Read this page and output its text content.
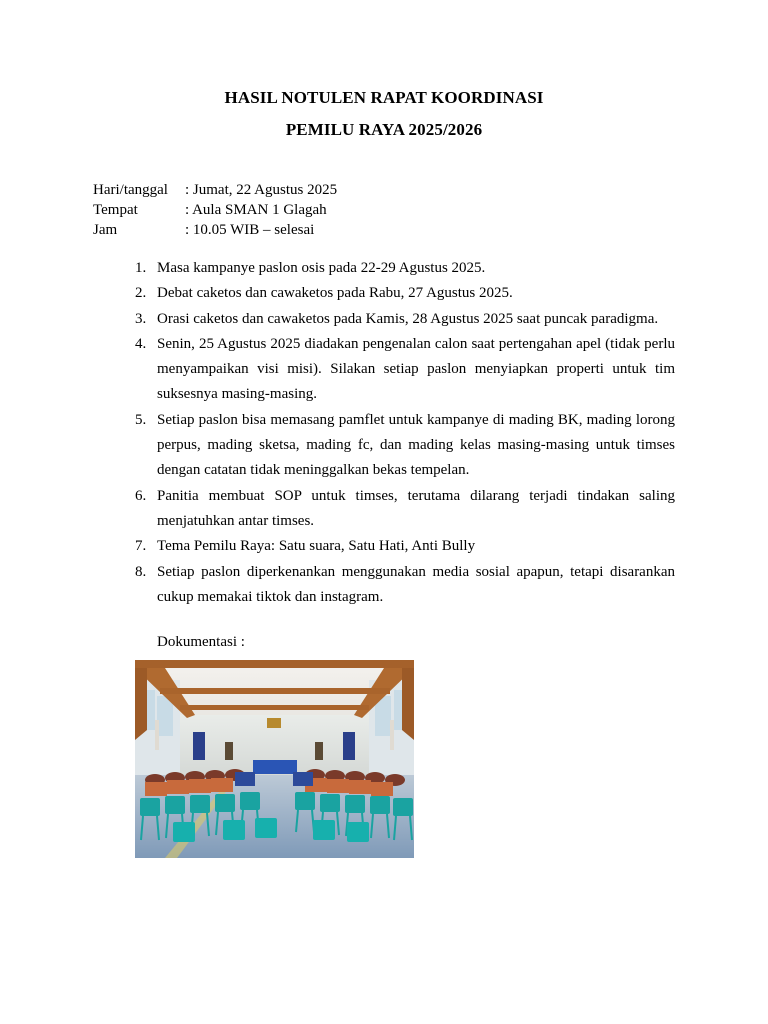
HASIL NOTULEN RAPAT KOORDINASI
PEMILU RAYA 2025/2026
Hari/tanggal	: Jumat, 22 Agustus 2025
Tempat	: Aula SMAN 1 Glagah
Jam	: 10.05 WIB – selesai
1. Masa kampanye paslon osis pada 22-29 Agustus 2025.
2. Debat caketos dan cawaketos pada Rabu, 27 Agustus 2025.
3. Orasi caketos dan cawaketos pada Kamis, 28 Agustus 2025 saat puncak paradigma.
4. Senin, 25 Agustus 2025 diadakan pengenalan calon saat pertengahan apel (tidak perlu menyampaikan visi misi). Silakan setiap paslon menyiapkan properti untuk tim suksesnya masing-masing.
5. Setiap paslon bisa memasang pamflet untuk kampanye di mading BK, mading lorong perpus, mading sketsa, mading fc, dan mading kelas masing-masing untuk timses dengan catatan tidak meninggalkan bekas tempelan.
6. Panitia membuat SOP untuk timses, terutama dilarang terjadi tindakan saling menjatuhkan antar timses.
7. Tema Pemilu Raya: Satu suara, Satu Hati, Anti Bully
8. Setiap paslon diperkenankan menggunakan media sosial apapun, tetapi disarankan cukup memakai tiktok dan instagram.
Dokumentasi :
